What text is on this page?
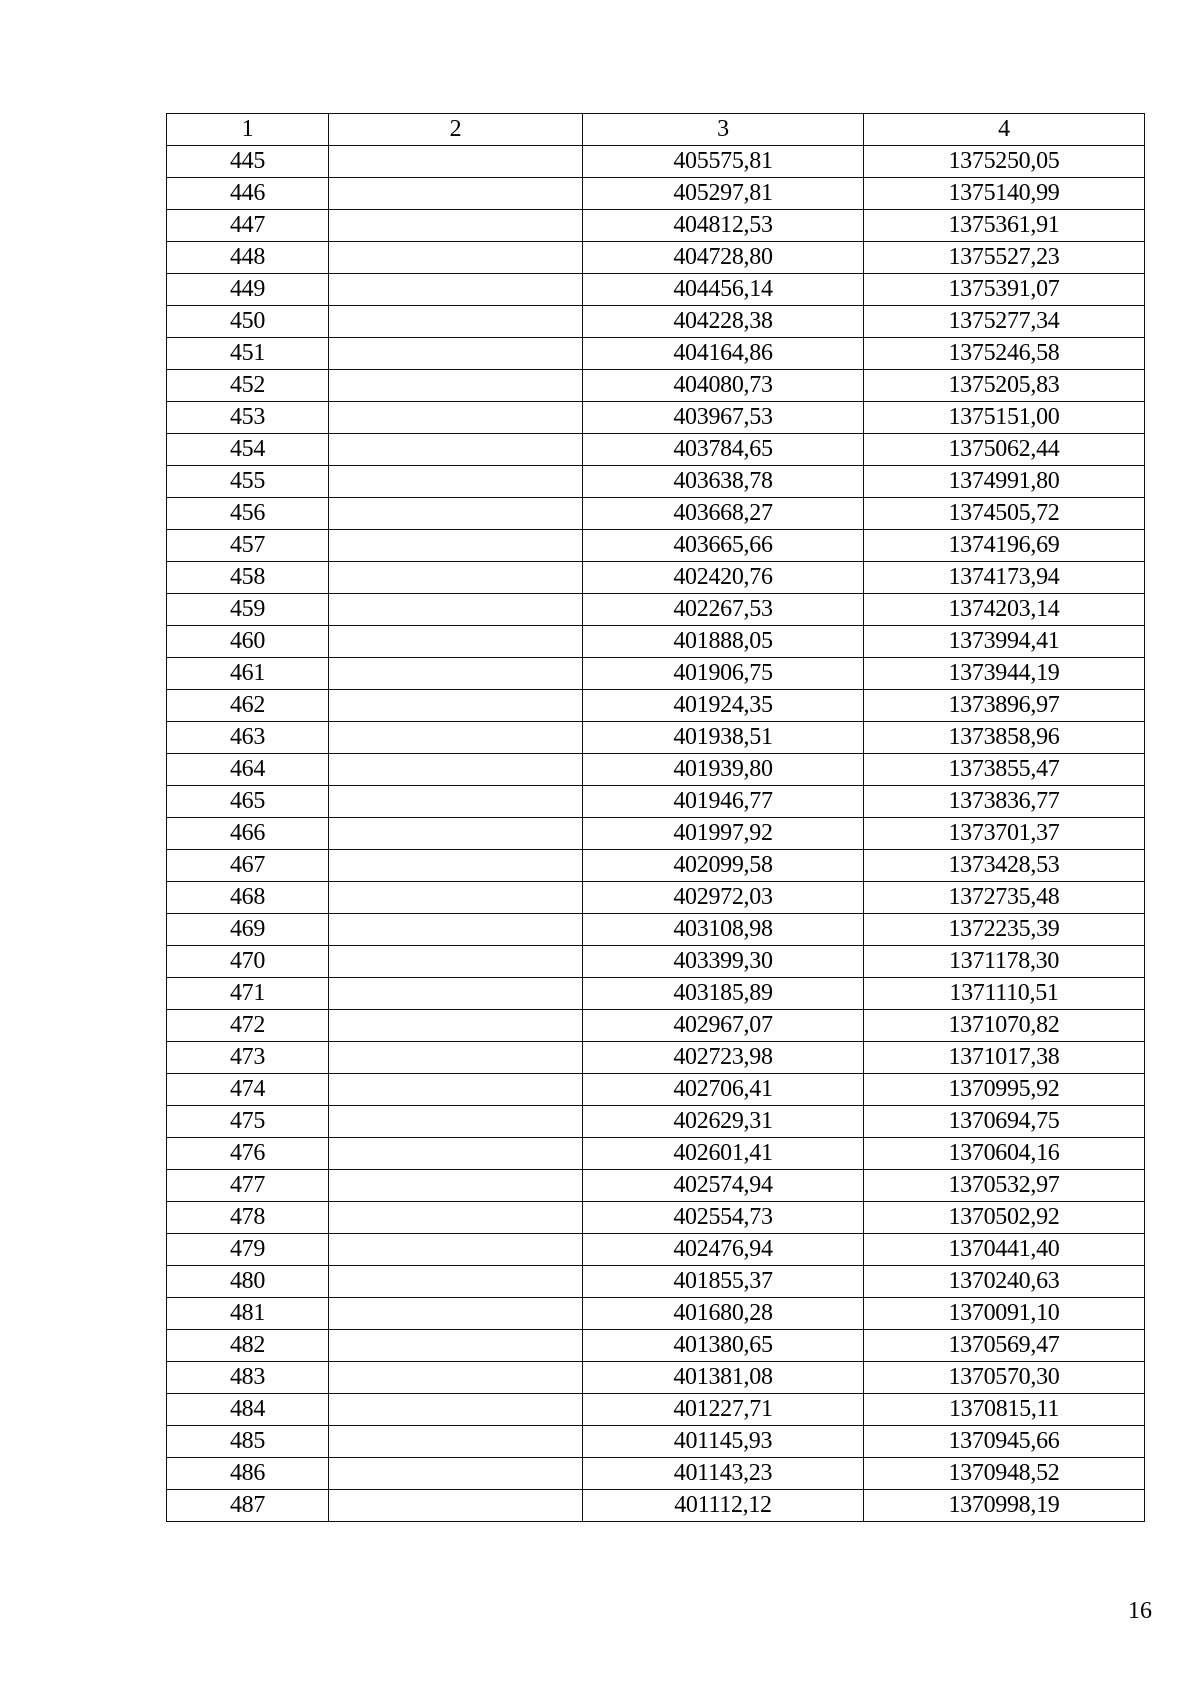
1	2	3	4
445		405575,81	1375250,05
446		405297,81	1375140,99
447		404812,53	1375361,91
448		404728,80	1375527,23
449		404456,14	1375391,07
450		404228,38	1375277,34
451		404164,86	1375246,58
452		404080,73	1375205,83
453		403967,53	1375151,00
454		403784,65	1375062,44
455		403638,78	1374991,80
456		403668,27	1374505,72
457		403665,66	1374196,69
458		402420,76	1374173,94
459		402267,53	1374203,14
460		401888,05	1373994,41
461		401906,75	1373944,19
462		401924,35	1373896,97
463		401938,51	1373858,96
464		401939,80	1373855,47
465		401946,77	1373836,77
466		401997,92	1373701,37
467		402099,58	1373428,53
468		402972,03	1372735,48
469		403108,98	1372235,39
470		403399,30	1371178,30
471		403185,89	1371110,51
472		402967,07	1371070,82
473		402723,98	1371017,38
474		402706,41	1370995,92
475		402629,31	1370694,75
476		402601,41	1370604,16
477		402574,94	1370532,97
478		402554,73	1370502,92
479		402476,94	1370441,40
480		401855,37	1370240,63
481		401680,28	1370091,10
482		401380,65	1370569,47
483		401381,08	1370570,30
484		401227,71	1370815,11
485		401145,93	1370945,66
486		401143,23	1370948,52
487		401112,12	1370998,19
16
